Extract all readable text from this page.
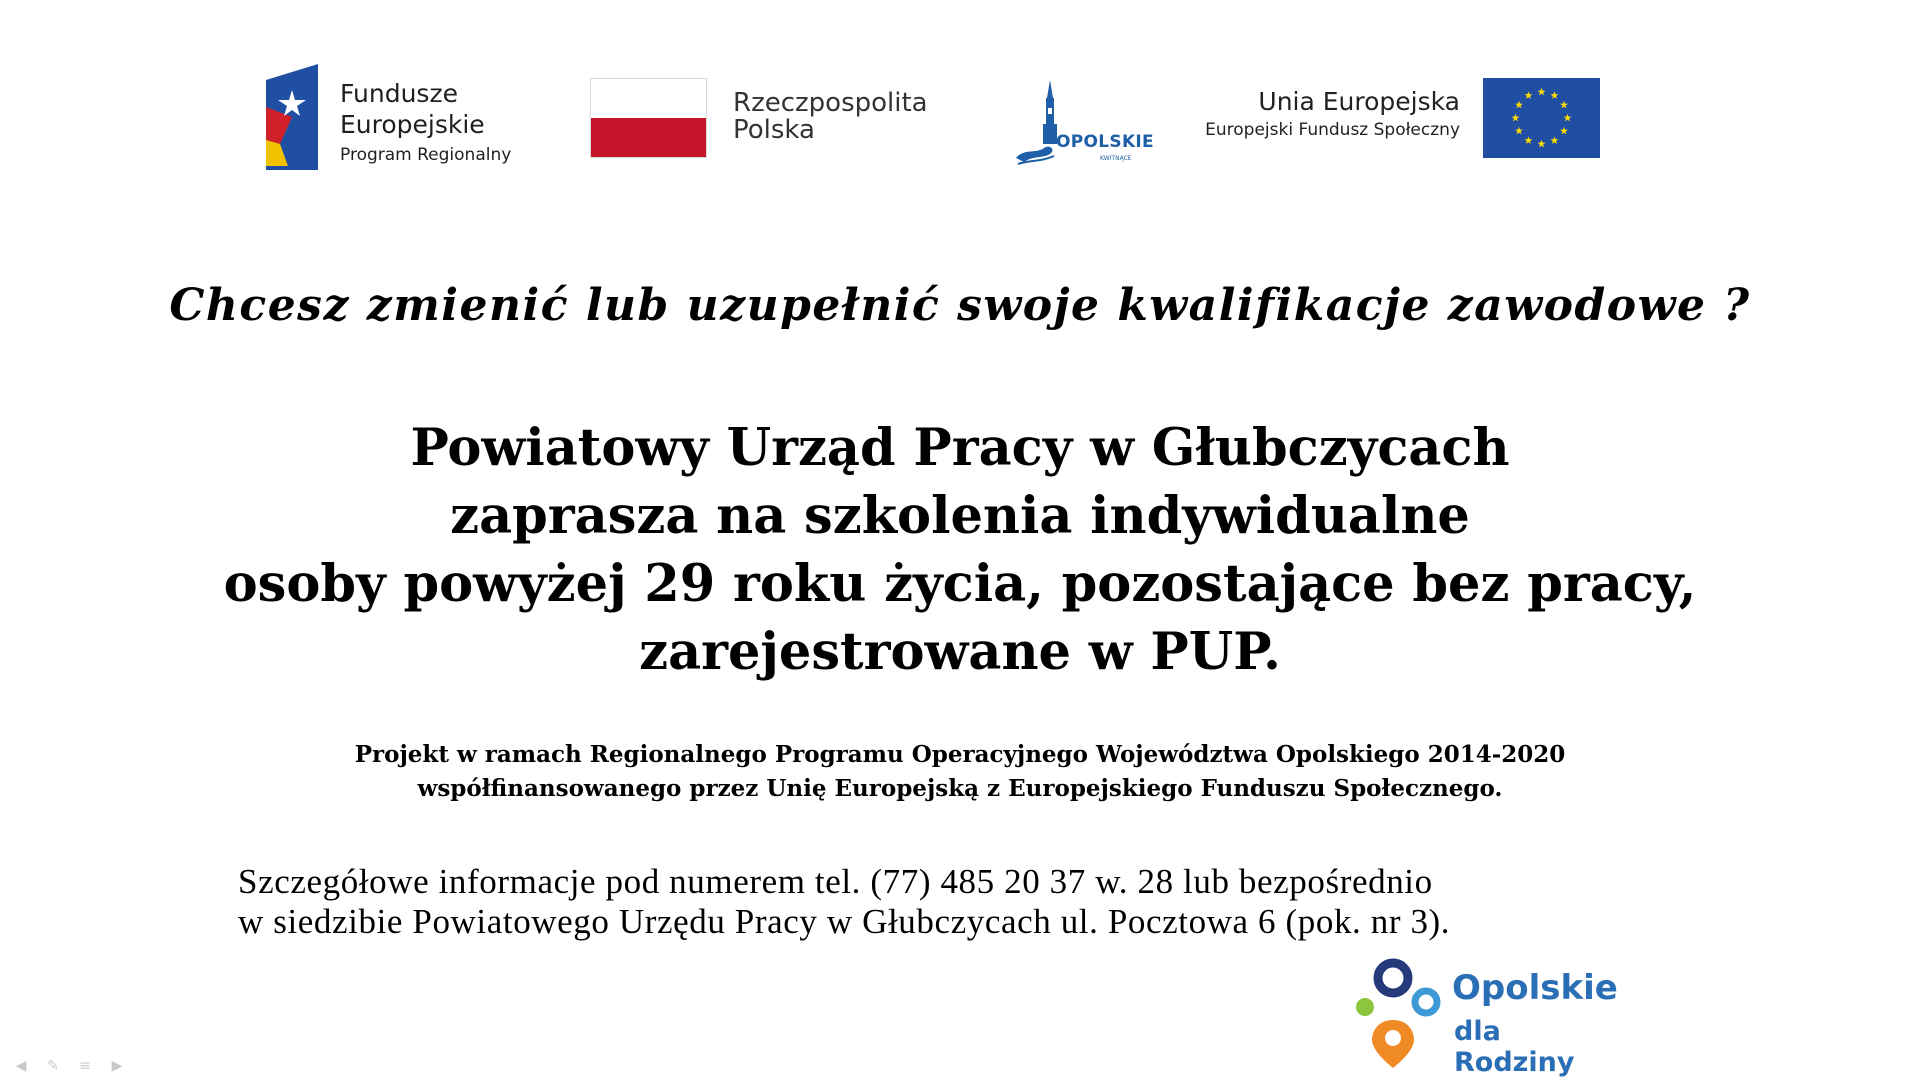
Fundusze
Europejskie
Program Regionalny
Rzeczpospolita
Polska	OPOLSKIE
KWITNĄCE
Unia Europejska
Europejski Fundusz Społeczny
Chcesz zmienić lub uzupełnić swoje kwalifikacje zawodowe ?
Powiatowy Urząd Pracy w Głubczycach
zaprasza na szkolenia indywidualne
osoby powyżej 29 roku życia, pozostające bez pracy,
zarejestrowane w PUP.
Projekt w ramach Regionalnego Programu Operacyjnego Województwa Opolskiego 2014-2020
współfinansowanego przez Unię Europejską z Europejskiego Funduszu Społecznego.
Szczegółowe informacje pod numerem tel. (77) 485 20 37 w. 28 lub bezpośrednio
w siedzibie Powiatowego Urzędu Pracy w Głubczycach ul. Pocztowa 6 (pok. nr 3).
Opolskie
dla Rodziny
◀	✎	≡	▶
